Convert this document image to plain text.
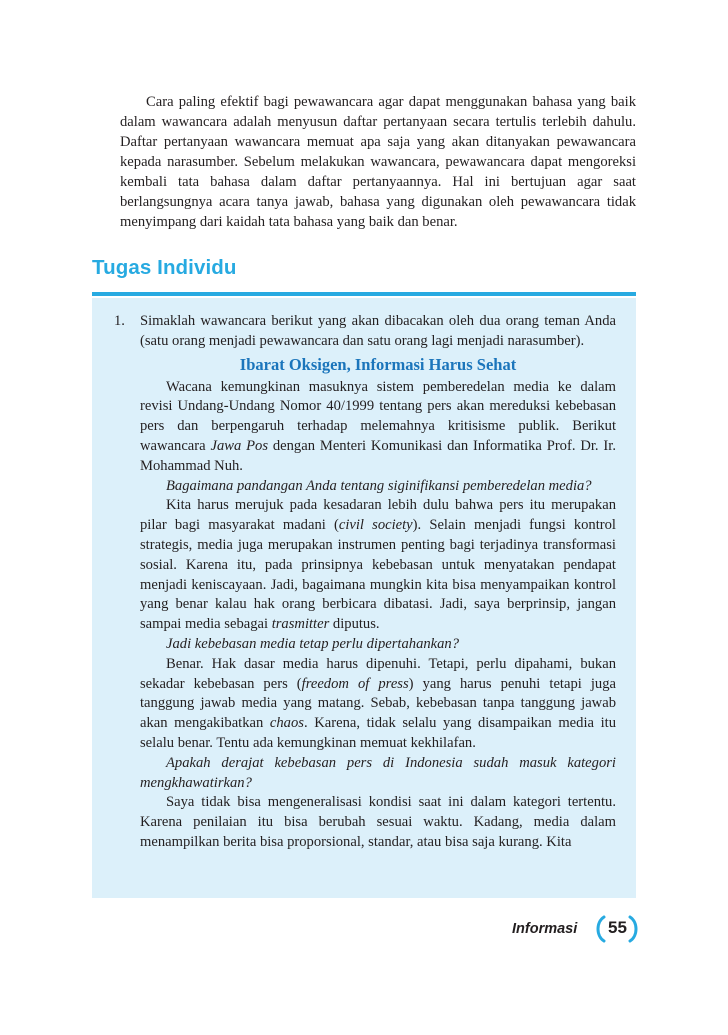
Cara paling efektif bagi pewawancara agar dapat menggunakan bahasa yang baik dalam wawancara adalah menyusun daftar pertanyaan secara tertulis terlebih dahulu. Daftar pertanyaan wawancara memuat apa saja yang akan ditanyakan pewawancara kepada narasumber. Sebelum melakukan wawancara, pewawancara dapat mengoreksi kembali tata bahasa dalam daftar pertanyaannya. Hal ini bertujuan agar saat berlangsungnya acara tanya jawab, bahasa yang digunakan oleh pewawancara tidak menyimpang dari kaidah tata bahasa yang baik dan benar.

Tugas Individu
1.	Simaklah wawancara berikut yang akan dibacakan oleh dua orang teman Anda (satu orang menjadi pewawancara dan satu orang lagi menjadi narasumber).

Ibarat Oksigen, Informasi Harus Sehat

Wacana kemungkinan masuknya sistem pemberedelan media ke dalam revisi Undang-Undang Nomor 40/1999 tentang pers akan mereduksi kebebasan pers dan berpengaruh terhadap melemahnya kritisisme publik. Berikut wawancara Jawa Pos dengan Menteri Komunikasi dan Informatika Prof. Dr. Ir. Mohammad Nuh.

Bagaimana pandangan Anda tentang siginifikansi pemberedelan media?

Kita harus merujuk pada kesadaran lebih dulu bahwa pers itu merupakan pilar bagi masyarakat madani (civil society). Selain menjadi fungsi kontrol strategis, media juga merupakan instrumen penting bagi terjadinya transformasi sosial. Karena itu, pada prinsipnya kebebasan untuk menyatakan pendapat menjadi keniscayaan. Jadi, bagaimana mungkin kita bisa menyampaikan kontrol yang benar kalau hak orang berbicara dibatasi. Jadi, saya berprinsip, jangan sampai media sebagai trasmitter diputus.

Jadi kebebasan media tetap perlu dipertahankan?

Benar. Hak dasar media harus dipenuhi. Tetapi, perlu dipahami, bukan sekadar kebebasan pers (freedom of press) yang harus penuhi tetapi juga tanggung jawab media yang matang. Sebab, kebebasan tanpa tanggung jawab akan mengakibatkan chaos. Karena, tidak selalu yang disampaikan media itu selalu benar. Tentu ada kemungkinan memuat kekhilafan.

Apakah derajat kebebasan pers di Indonesia sudah masuk kategori mengkhawatirkan?

Saya tidak bisa mengeneralisasi kondisi saat ini dalam kategori tertentu. Karena penilaian itu bisa berubah sesuai waktu. Kadang, media dalam menampilkan berita bisa proporsional, standar, atau bisa saja kurang. Kita

Informasi 55
